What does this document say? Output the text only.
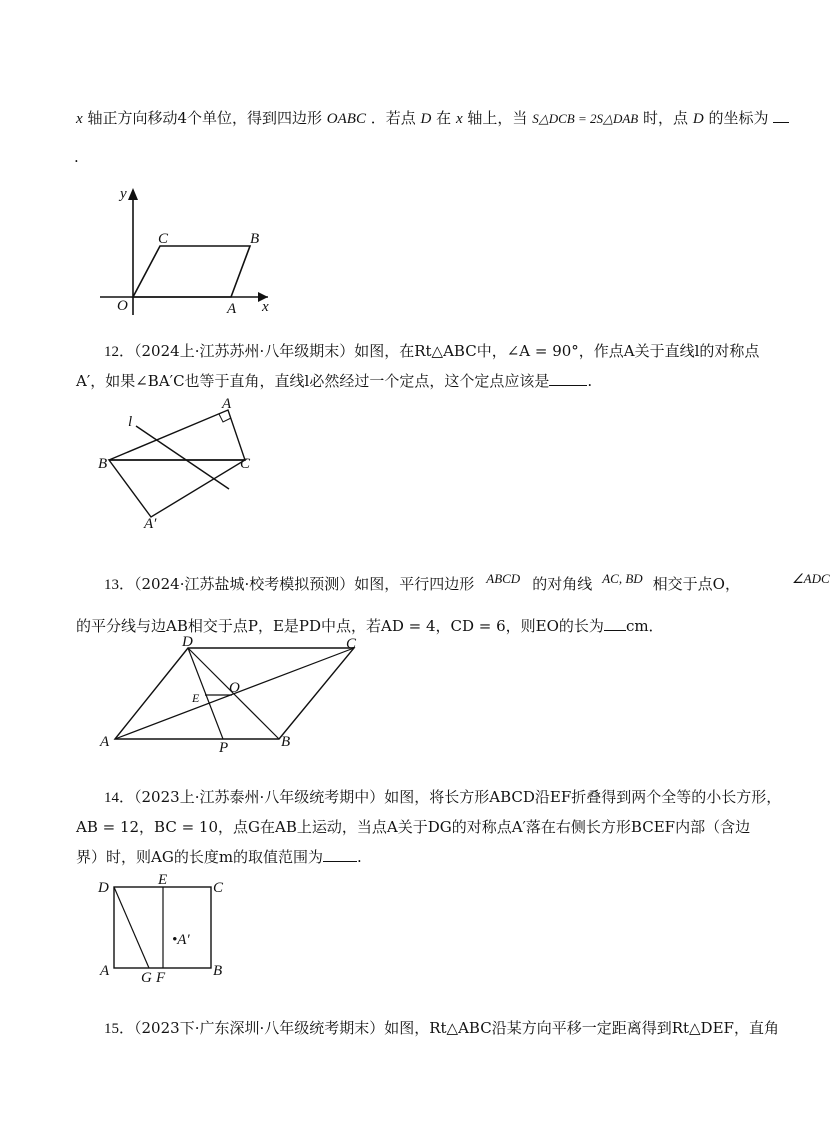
x 轴正方向移动4个单位，得到四边形 OABC ．若点 D 在 x 轴上，当 S△DCB = 2S△DAB 时，点 D 的坐标为
.
y
x
O	A
B
C
12．（2024上·江苏苏州·八年级期末）如图，在Rt△ABC中，∠A = 90°，作点A关于直线l的对称点
A′，如果∠BA′C也等于直角，直线l必然经过一个定点，这个定点应该是	.
A
B	C
A′
l
13．（2024·江苏盐城·校考模拟预测）如图，平行四边形 ABCD 的对角线 AC, BD 相交于点O，	∠ADC
的平分线与边AB相交于点P，E是PD中点，若AD = 4，CD = 6，则EO的长为 cm．
D	C
A	B
P
E
O
14．（2023上·江苏泰州·八年级统考期中）如图，将长方形ABCD沿EF折叠得到两个全等的小长方形，
AB = 12，BC = 10，点G在AB上运动，当点A关于DG的对称点A′落在右侧长方形BCEF内部（含边
界）时，则AG的长度m的取值范围为 .
D	E	C
A G F	B
•A′
15．（2023下·广东深圳·八年级统考期末）如图，Rt△ABC沿某方向平移一定距离得到Rt△DEF，直角
